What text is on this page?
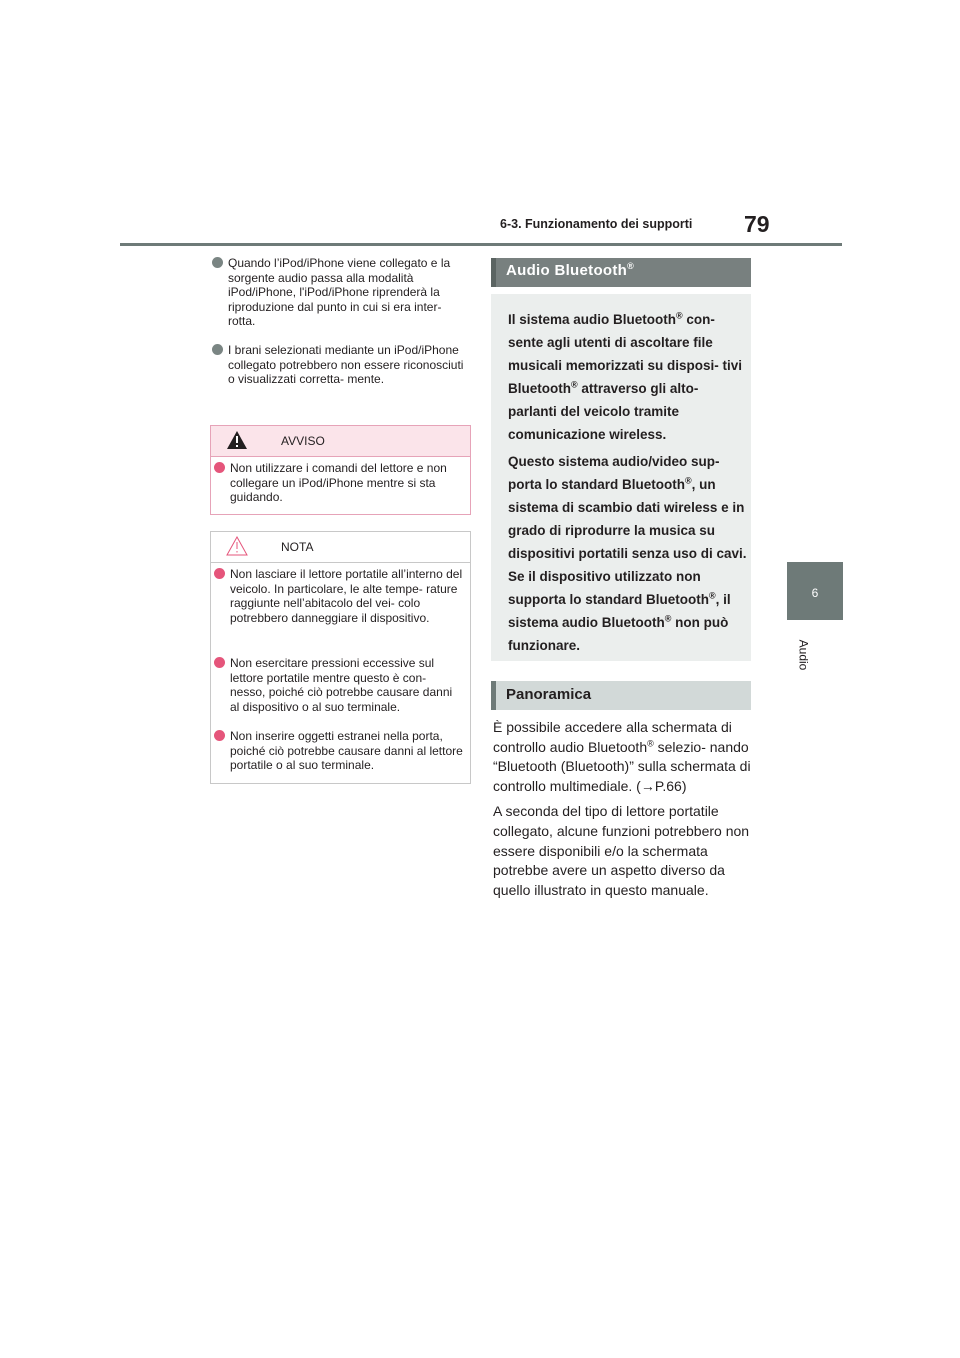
6-3. Funzionamento dei supporti 79
6
Audio
Quando l’iPod/iPhone viene collegato e la sorgente audio passa alla modalità iPod/iPhone, l'iPod/iPhone riprenderà la riproduzione dal punto in cui si era inter- rotta.
I brani selezionati mediante un iPod/iPhone collegato potrebbero non essere riconosciuti o visualizzati corretta- mente.
AVVISO
Non utilizzare i comandi del lettore e non collegare un iPod/iPhone mentre si sta guidando.
NOTA
Non lasciare il lettore portatile all’interno del veicolo. In particolare, le alte tempe- rature raggiunte nell’abitacolo del vei- colo potrebbero danneggiare il dispositivo.
Non esercitare pressioni eccessive sul lettore portatile mentre questo è con- nesso, poiché ciò potrebbe causare danni al dispositivo o al suo terminale.
Non inserire oggetti estranei nella porta, poiché ciò potrebbe causare danni al lettore portatile o al suo terminale.
Audio Bluetooth®

Il sistema audio Bluetooth® con- sente agli utenti di ascoltare file musicali memorizzati su disposi- tivi Bluetooth® attraverso gli alto- parlanti del veicolo tramite comunicazione wireless.

Questo sistema audio/video sup- porta lo standard Bluetooth®, un sistema di scambio dati wireless e in grado di riprodurre la musica su dispositivi portatili senza uso di cavi. Se il dispositivo utilizzato non supporta lo standard Bluetooth®, il sistema audio Bluetooth® non può funzionare.

Panoramica

È possibile accedere alla schermata di controllo audio Bluetooth® selezio- nando “Bluetooth (Bluetooth)” sulla schermata di controllo multimediale. (→P.66)

A seconda del tipo di lettore portatile collegato, alcune funzioni potrebbero non essere disponibili e/o la schermata potrebbe avere un aspetto diverso da quello illustrato in questo manuale.
